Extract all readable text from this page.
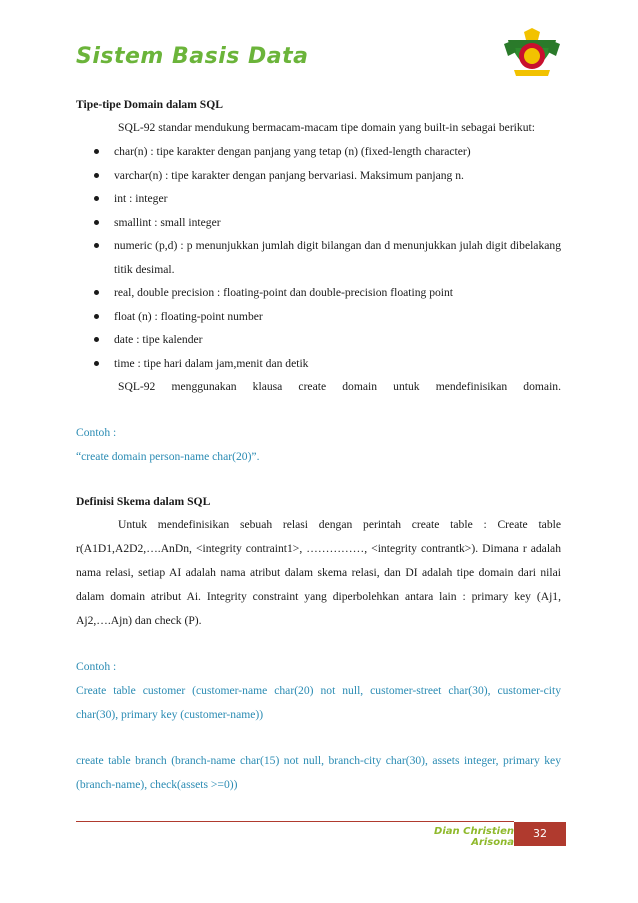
Sistem Basis Data

Tipe-tipe Domain dalam SQL

SQL-92 standar mendukung bermacam-macam tipe domain yang built-in sebagai berikut:

char(n) : tipe karakter dengan panjang yang tetap (n) (fixed-length character)
varchar(n) : tipe karakter dengan panjang bervariasi. Maksimum panjang n.
int : integer
smallint : small integer
numeric (p,d) : p menunjukkan jumlah digit bilangan dan d menunjukkan julah digit dibelakang titik desimal.
real, double precision : floating-point dan double-precision floating point
float (n) : floating-point number
date : tipe kalender
time : tipe hari dalam jam,menit dan detik

SQL-92 menggunakan klausa create domain untuk mendefinisikan domain.

Contoh :

“create domain person-name char(20)”.

Definisi Skema dalam SQL

Untuk mendefinisikan sebuah relasi dengan perintah create table : Create table r(A1D1,A2D2,….AnDn, <integrity contraint1>, ……………, <integrity contrantk>). Dimana r adalah nama relasi, setiap AI adalah nama atribut dalam skema relasi, dan DI adalah tipe domain dari nilai dalam domain atribut Ai. Integrity constraint yang diperbolehkan antara lain : primary key (Aj1, Aj2,….Ajn) dan check (P).

Contoh :

Create table customer (customer-name char(20) not null, customer-street char(30), customer-city char(30), primary key (customer-name))

create table branch (branch-name char(15) not null, branch-city char(30), assets integer, primary key (branch-name), check(assets >=0))

Dian Christien Arisona
32
